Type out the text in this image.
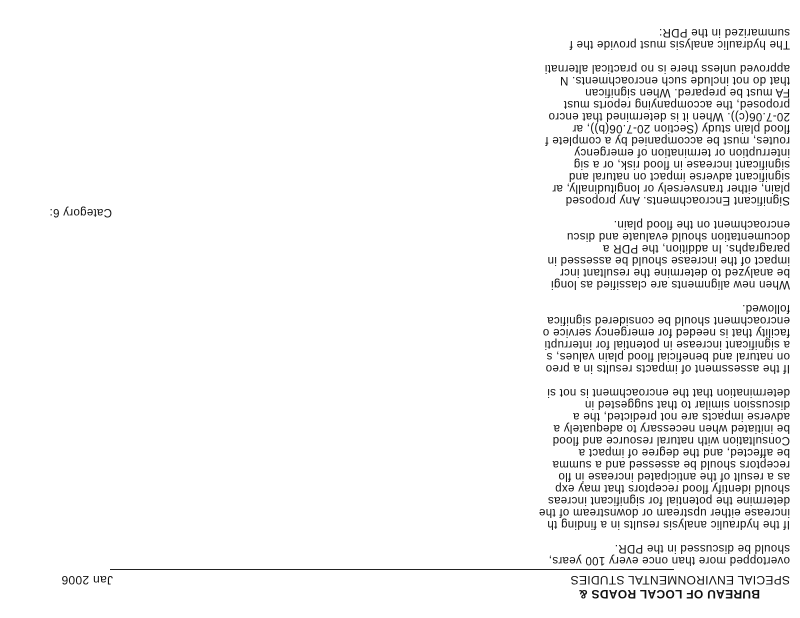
BUREAU OF LOCAL ROADS &
SPECIAL ENVIRONMENTAL STUDIES
Jan 2006
overtopped more than once every 100 years,
should be discussed in the PDR.
If the hydraulic analysis results in a finding th
increase either upstream or downstream of the
determine the potential for significant increas
should identify flood receptors that may exp
as a result of the anticipated increase in flo
receptors should be assessed and a summa
be affected, and the degree of impact a
Consultation with natural resource and flood
be initiated when necessary to adequately a
adverse impacts are not predicted, the a
discussion similar to that suggested in
determination that the encroachment is not si
If the assessment of impacts results in a preo
on natural and beneficial flood plain values, s
a significant increase in potential for interrupti
facility that is needed for emergency service o
encroachment should be considered significa
followed.
When new alignments are classified as longi
be analyzed to determine the resultant incr
impact of the increase should be assessed in
paragraphs. In addition, the PDR a
documentation should evaluate and discu
encroachment on the flood plain.
Significant Encroachments. Any proposed
plain, either transversely or longitudinally, ar
significant adverse impact on natural and
significant increase in flood risk, or a sig
interruption or termination of emergency
routes, must be accompanied by a complete f
flood plain study (Section 20-7.06(b)), ar
20-7.06(c)). When it is determined that encro
proposed, the accompanying reports must
FA must be prepared. When significan
that do not include such encroachments. N
approved unless there is no practical alternati
The hydraulic analysis must provide the f
summarized in the PDR:
Category 6:
